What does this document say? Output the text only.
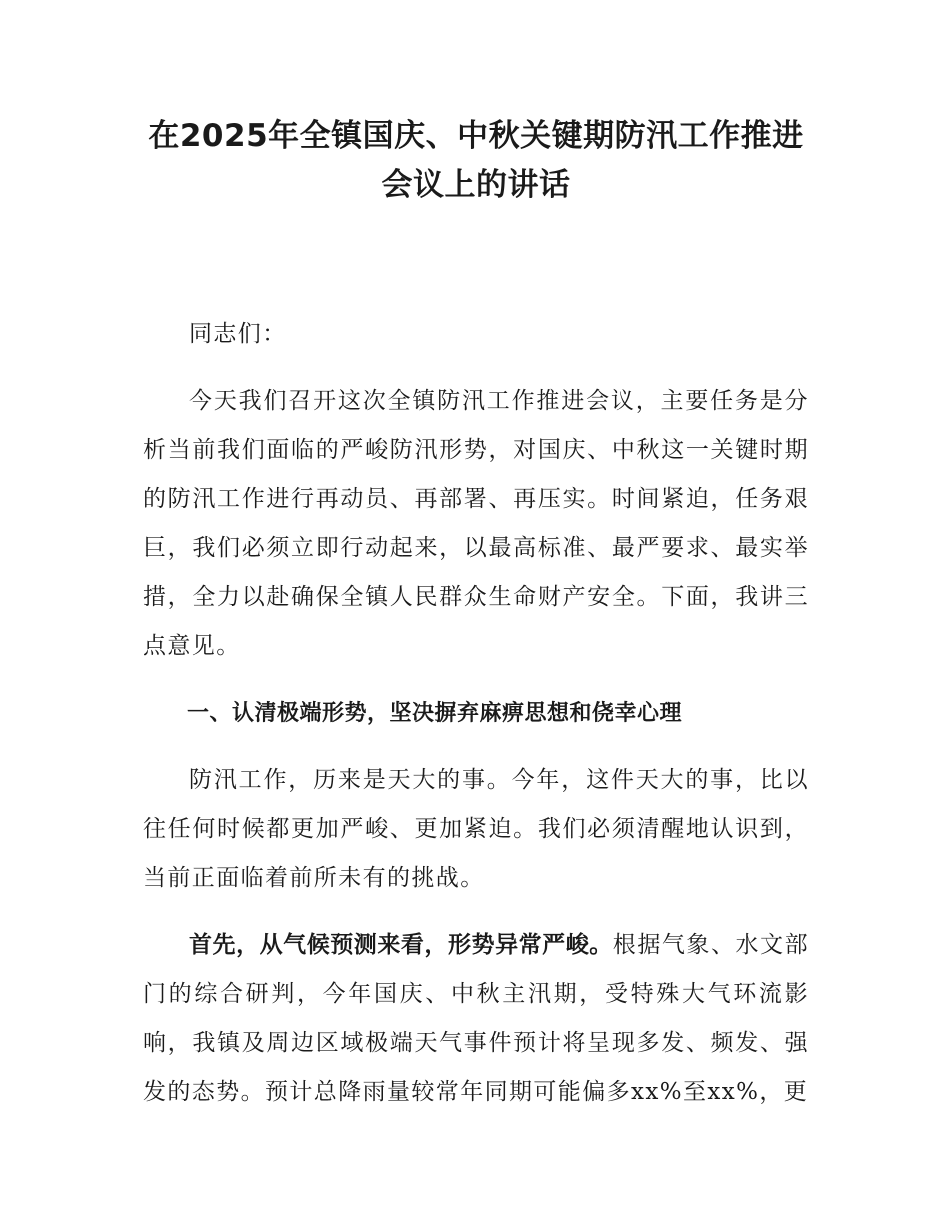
在2025年全镇国庆、中秋关键期防汛工作推进会议上的讲话

同志们：

今天我们召开这次全镇防汛工作推进会议，主要任务是分析当前我们面临的严峻防汛形势，对国庆、中秋这一关键时期的防汛工作进行再动员、再部署、再压实。时间紧迫，任务艰巨，我们必须立即行动起来，以最高标准、最严要求、最实举措，全力以赴确保全镇人民群众生命财产安全。下面，我讲三点意见。

一、认清极端形势，坚决摒弃麻痹思想和侥幸心理

防汛工作，历来是天大的事。今年，这件天大的事，比以往任何时候都更加严峻、更加紧迫。我们必须清醒地认识到，当前正面临着前所未有的挑战。

首先，从气候预测来看，形势异常严峻。根据气象、水文部门的综合研判，今年国庆、中秋主汛期，受特殊大气环流影响，我镇及周边区域极端天气事件预计将呈现多发、频发、强发的态势。预计总降雨量较常年同期可能偏多xx%至xx%，更
